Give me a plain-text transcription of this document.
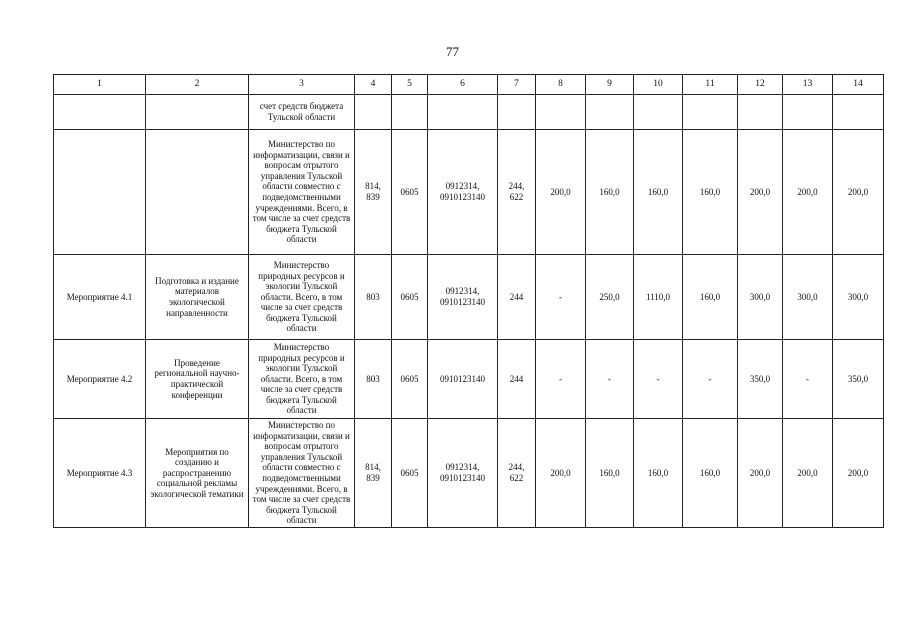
77
1	2	3	4	5	6	7	8	9	10	11	12	13	14
		счет средств бюджета Тульской области											
		Министерство по информатизации, связи и вопросам отрытого управления Тульской области совместно с подведомственными учреждениями. Всего, в том числе за счет средств бюджета Тульской области	814, 839	0605	0912314, 0910123140	244, 622	200,0	160,0	160,0	160,0	200,0	200,0	200,0
Мероприятие 4.1	Подготовка и издание материалов экологической направленности	Министерство природных ресурсов и экологии Тульской области. Всего, в том числе за счет средств бюджета Тульской области	803	0605	0912314, 0910123140	244	-	250,0	1110,0	160,0	300,0	300,0	300,0
Мероприятие 4.2	Проведение региональной научно-практической конференции	Министерство природных ресурсов и экологии Тульской области. Всего, в том числе за счет средств бюджета Тульской области	803	0605	0910123140	244	-	-	-	-	350,0	-	350,0
Мероприятие 4.3	Мероприятия по созданию и распространению социальной рекламы экологической тематики	Министерство по информатизации, связи и вопросам отрытого управления Тульской области совместно с подведомственными учреждениями. Всего, в том числе за счет средств бюджета Тульской области	814, 839	0605	0912314, 0910123140	244, 622	200,0	160,0	160,0	160,0	200,0	200,0	200,0
